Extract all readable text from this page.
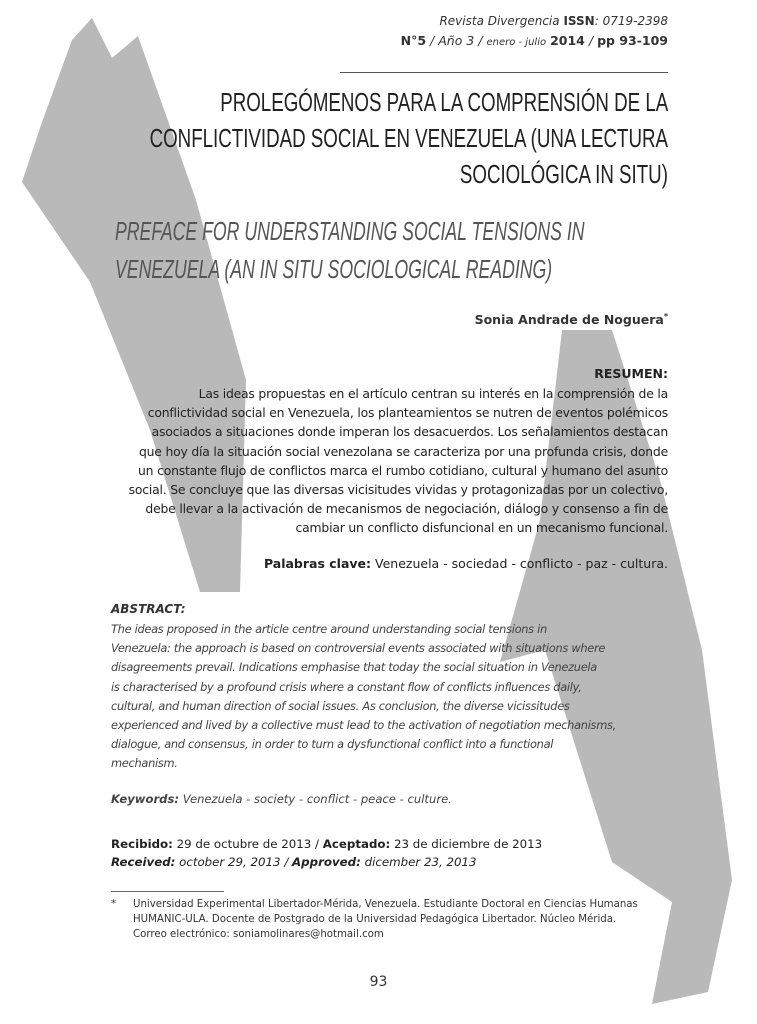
Revista Divergencia ISSN: 0719-2398
N°5 / Año 3 / enero - julio 2014 / pp 93-109
PROLEGÓMENOS PARA LA COMPRENSIÓN DE LA
CONFLICTIVIDAD SOCIAL EN VENEZUELA (UNA LECTURA
SOCIOLÓGICA IN SITU)
PREFACE FOR UNDERSTANDING SOCIAL TENSIONS IN
VENEZUELA (AN IN SITU SOCIOLOGICAL READING)
Sonia Andrade de Noguera*
RESUMEN:
Las ideas propuestas en el artículo centran su interés en la comprensión de la
conflictividad social en Venezuela, los planteamientos se nutren de eventos polémicos
asociados a situaciones donde imperan los desacuerdos. Los señalamientos destacan
que hoy día la situación social venezolana se caracteriza por una profunda crisis, donde
un constante flujo de conflictos marca el rumbo cotidiano, cultural y humano del asunto
social. Se concluye que las diversas vicisitudes vividas y protagonizadas por un colectivo,
debe llevar a la activación de mecanismos de negociación, diálogo y consenso a fin de
cambiar un conflicto disfuncional en un mecanismo funcional.
Palabras clave: Venezuela - sociedad - conflicto - paz - cultura.
ABSTRACT:
The ideas proposed in the article centre around understanding social tensions in
Venezuela: the approach is based on controversial events associated with situations where
disagreements prevail. Indications emphasise that today the social situation in Venezuela
is characterised by a profound crisis where a constant flow of conflicts influences daily,
cultural, and human direction of social issues. As conclusion, the diverse vicissitudes
experienced and lived by a collective must lead to the activation of negotiation mechanisms,
dialogue, and consensus, in order to turn a dysfunctional conflict into a functional
mechanism.
Keywords: Venezuela - society - conflict - peace - culture.
Recibido: 29 de octubre de 2013 / Aceptado: 23 de diciembre de 2013
Received: october 29, 2013 / Approved: dicember 23, 2013
* Universidad Experimental Libertador-Mérida, Venezuela. Estudiante Doctoral en Ciencias Humanas
HUMANIC-ULA. Docente de Postgrado de la Universidad Pedagógica Libertador. Núcleo Mérida.
Correo electrónico: soniamolinares@hotmail.com
93
